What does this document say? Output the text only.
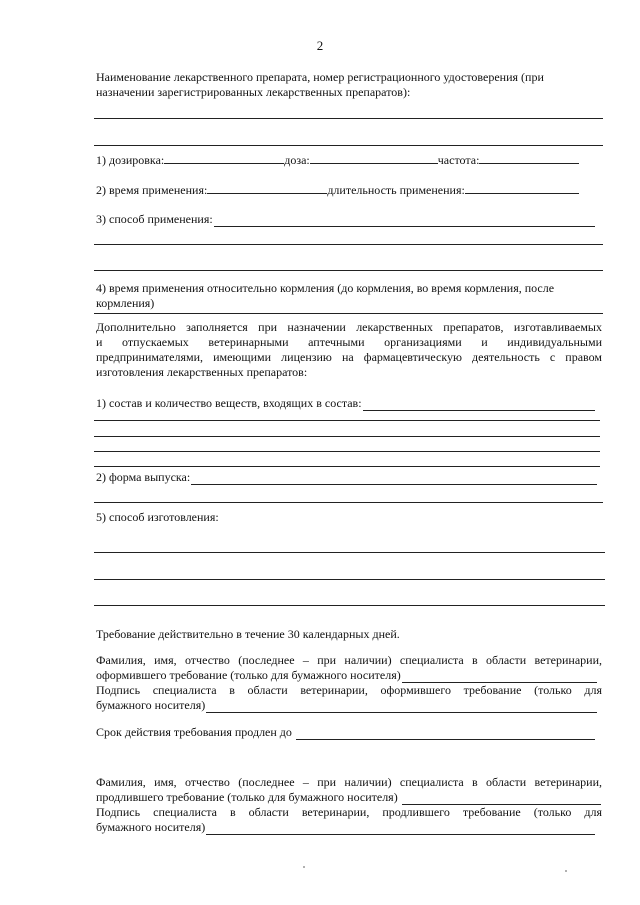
2
Наименование лекарственного препарата, номер регистрационного удостоверения (при
назначении зарегистрированных лекарственных препаратов):
1) дозировка:	доза:	частота:
2) время применения:	длительность применения:
3) способ применения:
4) время применения относительно кормления (до кормления, во время кормления, после
кормления)
Дополнительно заполняется при назначении лекарственных препаратов, изготавливаемых
и отпускаемых ветеринарными аптечными организациями и индивидуальными
предпринимателями, имеющими лицензию на фармацевтическую деятельность с правом
изготовления лекарственных препаратов:
1) состав и количество веществ, входящих в состав:
2) форма выпуска:
5) способ изготовления:
Требование действительно в течение 30 календарных дней.
Фамилия, имя, отчество (последнее – при наличии) специалиста в области ветеринарии,
оформившего требование (только для бумажного носителя)
Подпись специалиста в области ветеринарии, оформившего требование (только для
бумажного носителя)
Срок действия требования продлен до
Фамилия, имя, отчество (последнее – при наличии) специалиста в области ветеринарии,
продлившего требование (только для бумажного носителя)
Подпись специалиста в области ветеринарии, продлившего требование (только для
бумажного носителя)
